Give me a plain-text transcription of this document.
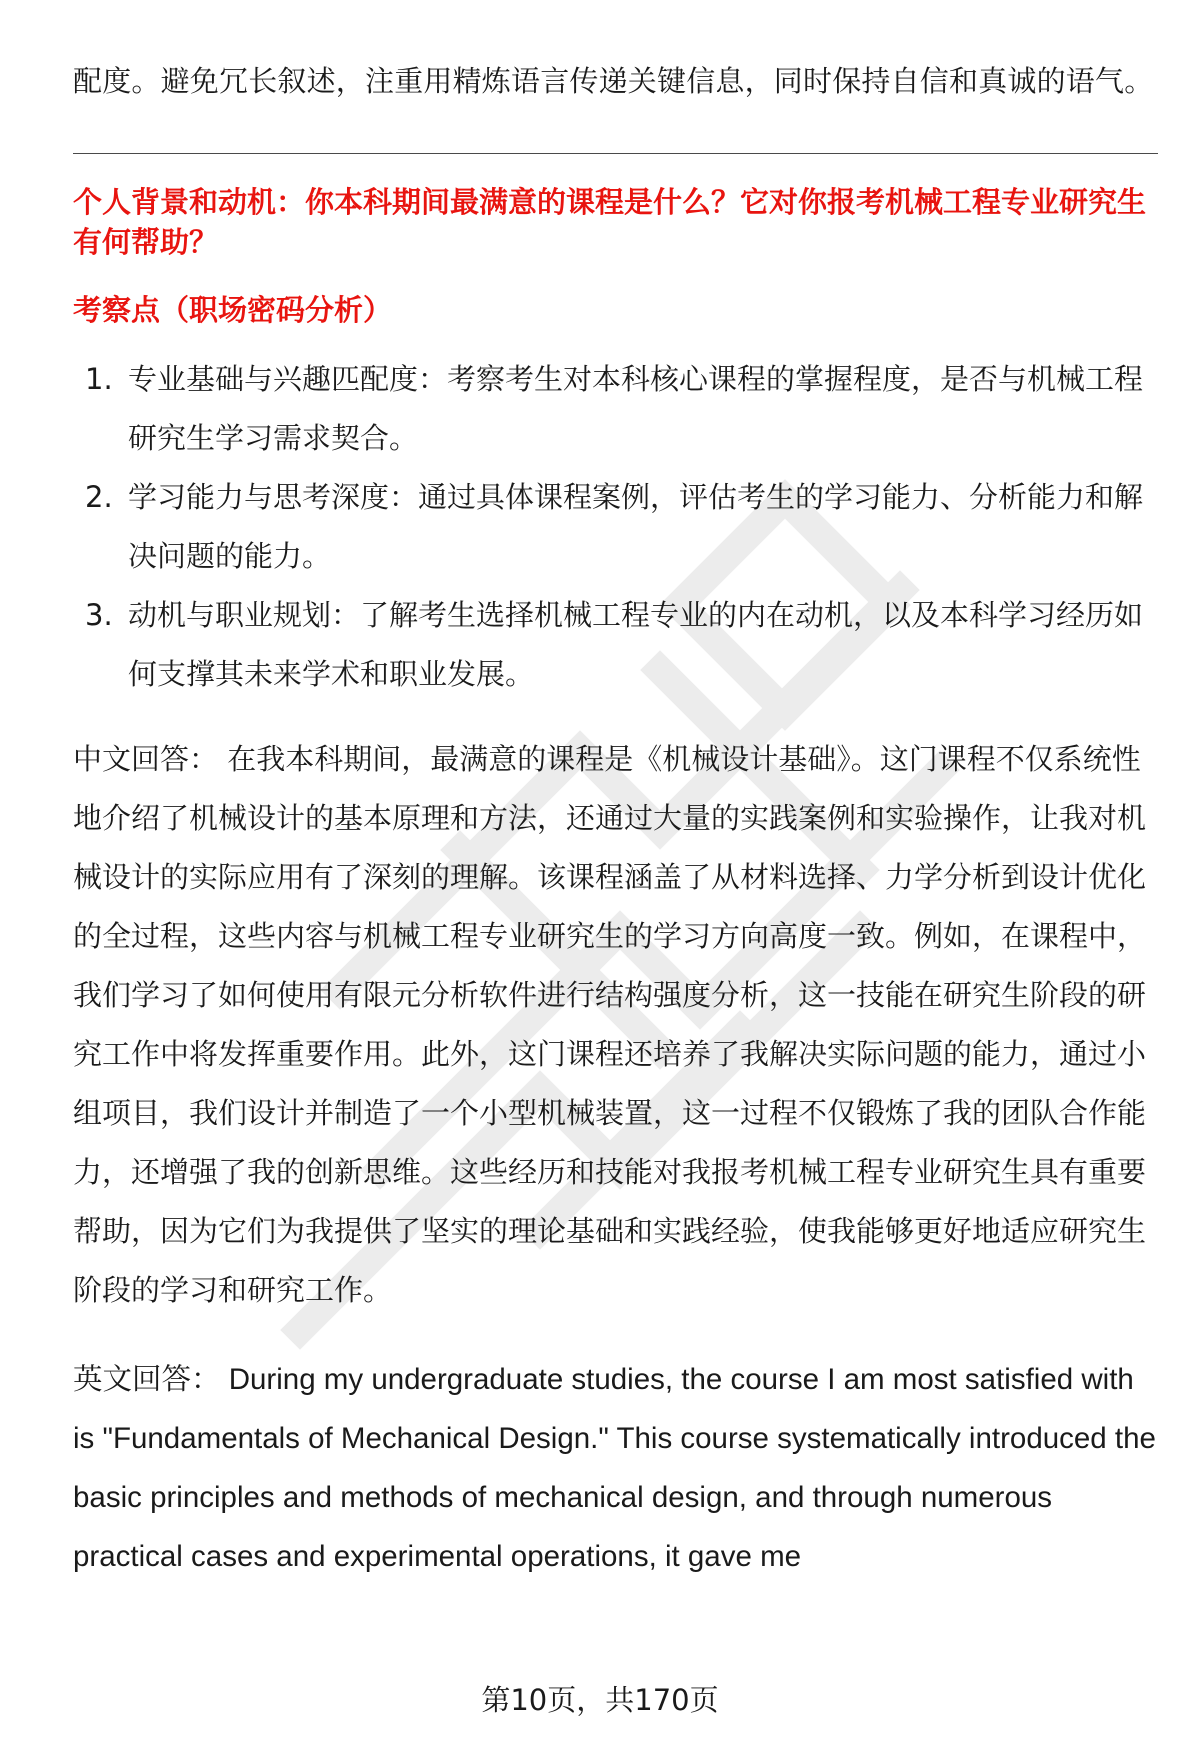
配度。避免冗长叙述，注重用精炼语言传递关键信息，同时保持自信和真诚的语气。

个人背景和动机：你本科期间最满意的课程是什么？它对你报考机械工程专业研究生有何帮助？

考察点（职场密码分析）

1. 专业基础与兴趣匹配度：考察考生对本科核心课程的掌握程度，是否与机械工程研究生学习需求契合。
2. 学习能力与思考深度：通过具体课程案例，评估考生的学习能力、分析能力和解决问题的能力。
3. 动机与职业规划：了解考生选择机械工程专业的内在动机，以及本科学习经历如何支撑其未来学术和职业发展。

中文回答： 在我本科期间，最满意的课程是《机械设计基础》。这门课程不仅系统性地介绍了机械设计的基本原理和方法，还通过大量的实践案例和实验操作，让我对机械设计的实际应用有了深刻的理解。该课程涵盖了从材料选择、力学分析到设计优化的全过程，这些内容与机械工程专业研究生的学习方向高度一致。例如，在课程中，我们学习了如何使用有限元分析软件进行结构强度分析，这一技能在研究生阶段的研究工作中将发挥重要作用。此外，这门课程还培养了我解决实际问题的能力，通过小组项目，我们设计并制造了一个小型机械装置，这一过程不仅锻炼了我的团队合作能力，还增强了我的创新思维。这些经历和技能对我报考机械工程专业研究生具有重要帮助，因为它们为我提供了坚实的理论基础和实践经验，使我能够更好地适应研究生阶段的学习和研究工作。

英文回答： During my undergraduate studies, the course I am most satisfied with is "Fundamentals of Mechanical Design." This course systematically introduced the basic principles and methods of mechanical design, and through numerous practical cases and experimental operations, it gave me

第10页，共170页
